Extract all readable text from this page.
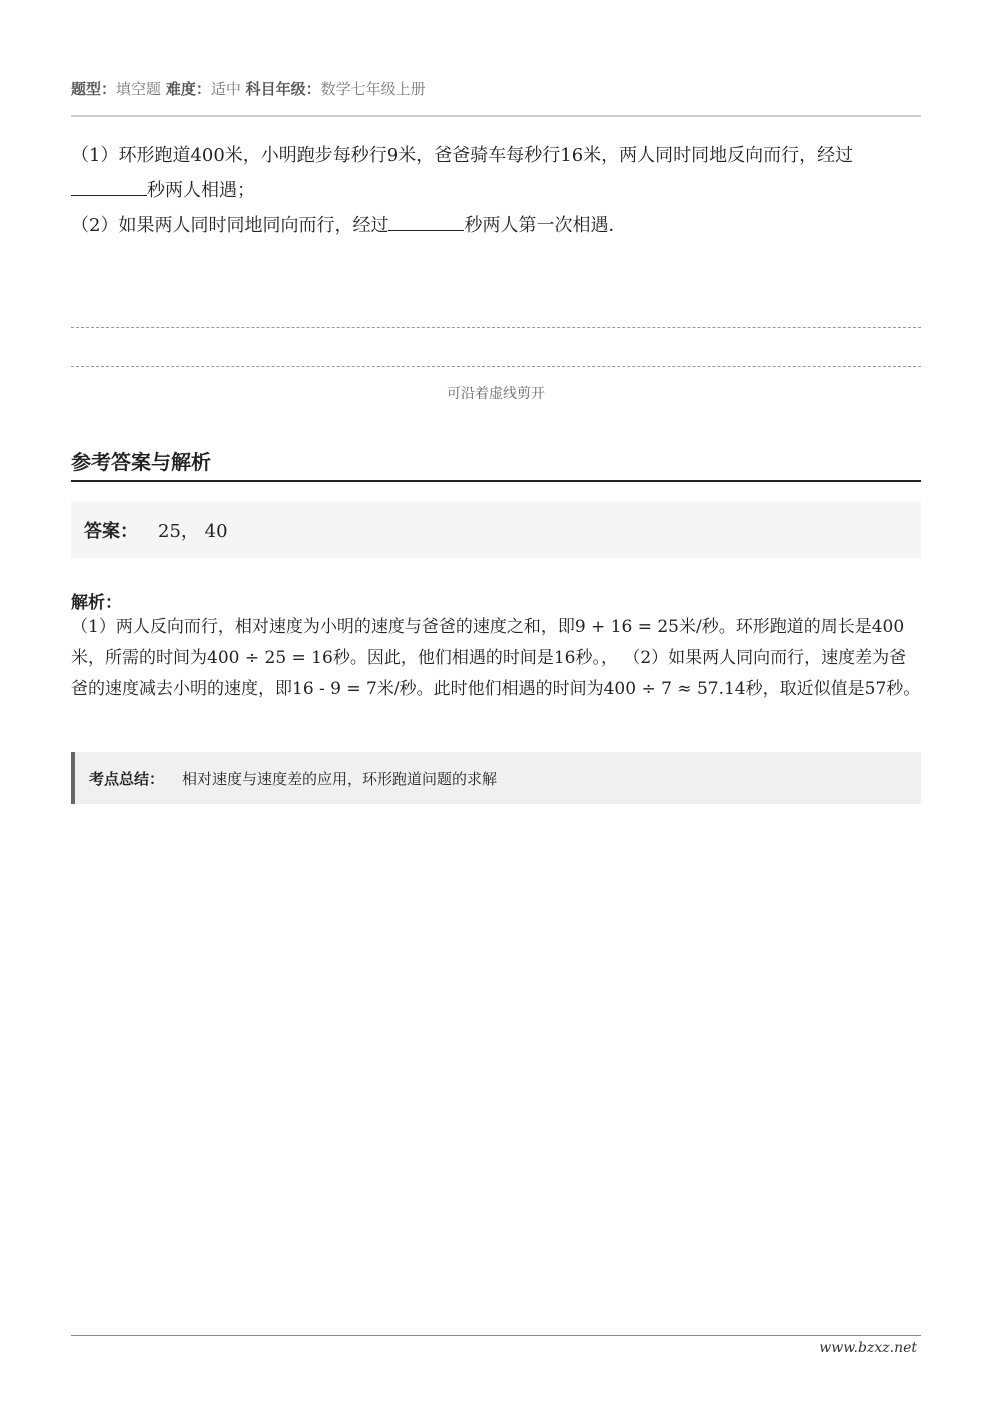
题型：填空题 难度：适中 科目年级：数学七年级上册
（1）环形跑道400米，小明跑步每秒行9米，爸爸骑车每秒行16米，两人同时同地反向而行，经过秒两人相遇；
（2）如果两人同时同地同向而行，经过	秒两人第一次相遇．
可沿着虚线剪开
参考答案与解析
答案： 25， 40
解析：
（1）两人反向而行，相对速度为小明的速度与爸爸的速度之和，即9 + 16 = 25米/秒。环形跑道的周长是400米，所需的时间为400 ÷ 25 = 16秒。因此，他们相遇的时间是16秒。， （2）如果两人同向而行，速度差为爸爸的速度减去小明的速度，即16 - 9 = 7米/秒。此时他们相遇的时间为400 ÷ 7 ≈ 57.14秒，取近似值是57秒。
考点总结： 相对速度与速度差的应用，环形跑道问题的求解
www.bzxz.net
